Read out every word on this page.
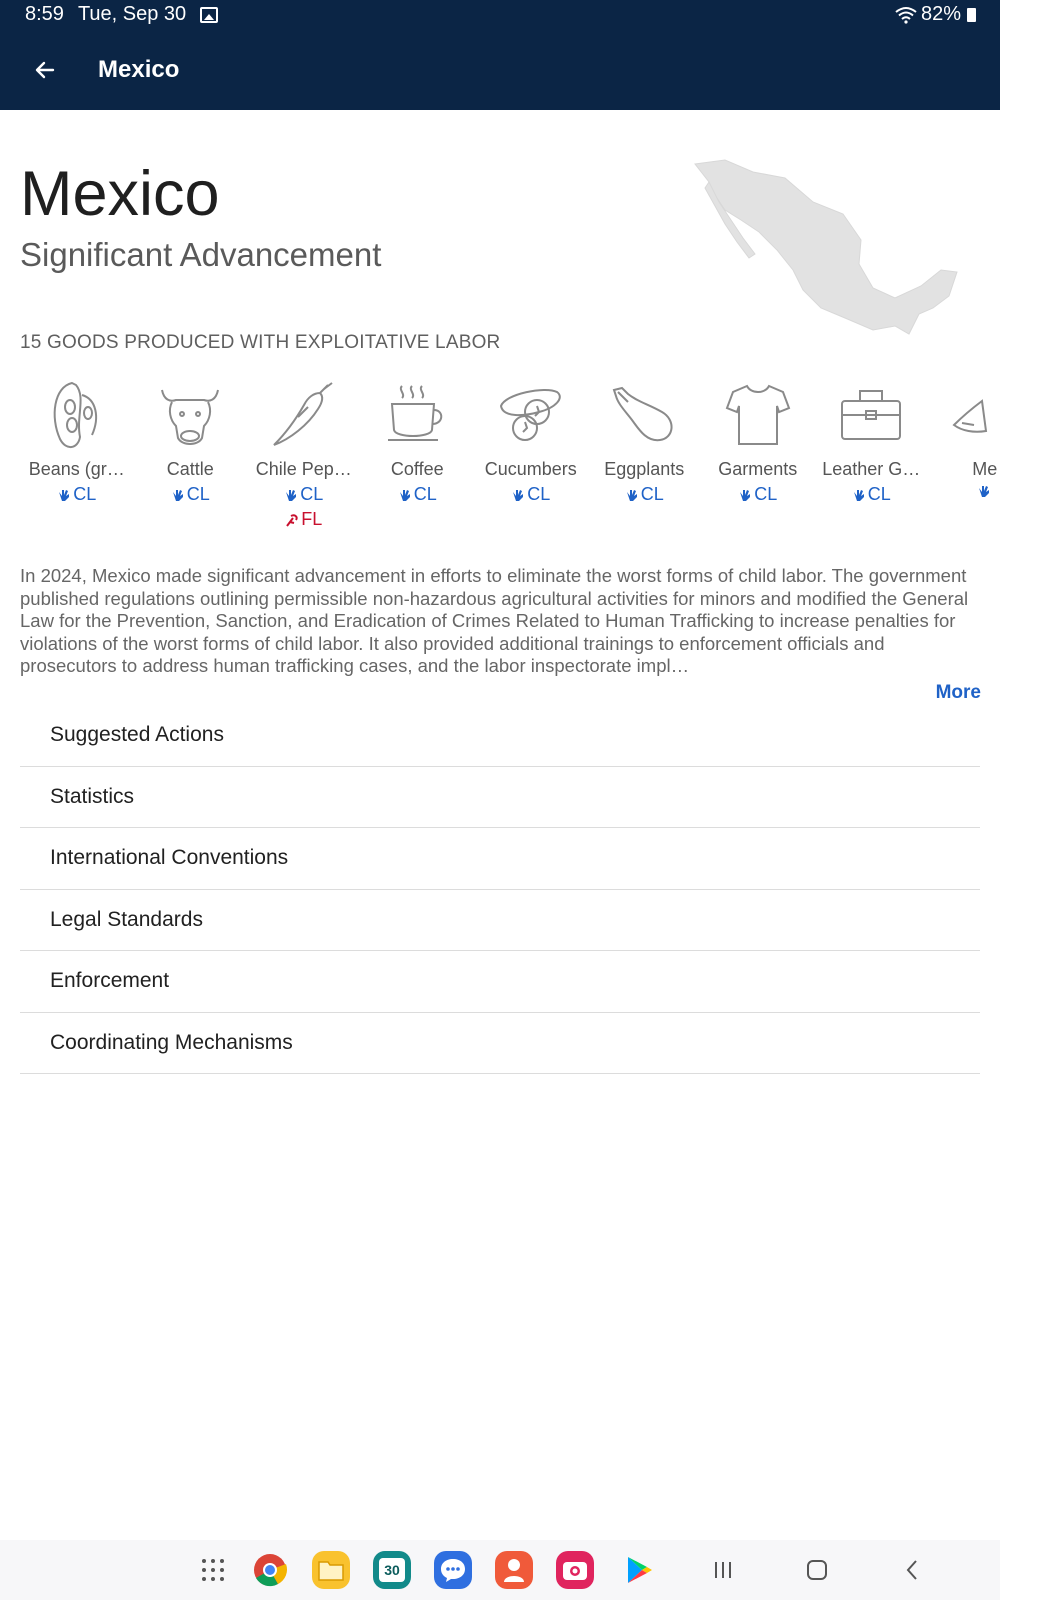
8:59 Tue, Sep 30	82%
Mexico
Mexico
Significant Advancement
15 GOODS PRODUCED WITH EXPLOITATIVE LABOR
Beans (gr…
CL
Cattle
CL
Chile Pep…
CL
FL
Coffee
CL
Cucumbers
CL
Eggplants
CL
Garments
CL
Leather G…
CL
Me
In 2024, Mexico made significant advancement in efforts to eliminate the worst forms of child labor. The government published regulations outlining permissible non-hazardous agricultural activities for minors and modified the General Law for the Prevention, Sanction, and Eradication of Crimes Related to Human Trafficking to increase penalties for violations of the worst forms of child labor. It also provided additional trainings to enforcement officials and prosecutors to address human trafficking cases, and the labor inspectorate impl…
More
Suggested Actions
Statistics
International Conventions
Legal Standards
Enforcement
Coordinating Mechanisms
30
